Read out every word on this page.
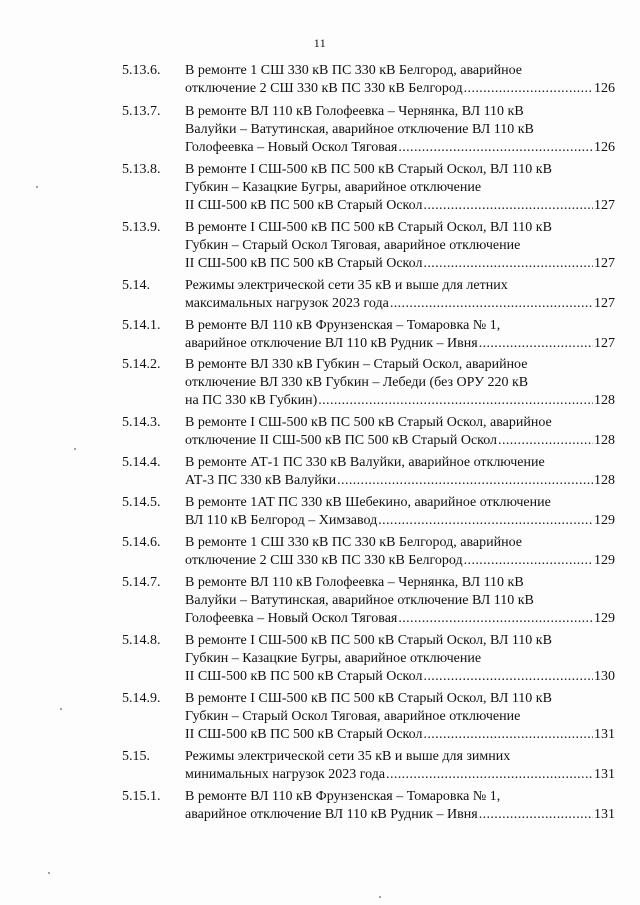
11
5.13.6. В ремонте 1 СШ 330 кВ ПС 330 кВ Белгород, аварийное
отключение 2 СШ 330 кВ ПС 330 кВ Белгород .....	126
5.13.7. В ремонте ВЛ 110 кВ Голофеевка – Чернянка, ВЛ 110 кВ
Валуйки – Ватутинская, аварийное отключение ВЛ 110 кВ
Голофеевка – Новый Оскол Тяговая .....	126
5.13.8. В ремонте I СШ-500 кВ ПС 500 кВ Старый Оскол, ВЛ 110 кВ
Губкин – Казацкие Бугры, аварийное отключение
II СШ-500 кВ ПС 500 кВ Старый Оскол .....	127
5.13.9. В ремонте I СШ-500 кВ ПС 500 кВ Старый Оскол, ВЛ 110 кВ
Губкин – Старый Оскол Тяговая, аварийное отключение
II СШ-500 кВ ПС 500 кВ Старый Оскол .....	127
5.14.	Режимы электрической сети 35 кВ и выше для летних
максимальных нагрузок 2023 года .....	127
5.14.1. В ремонте ВЛ 110 кВ Фрунзенская – Томаровка № 1,
аварийное отключение ВЛ 110 кВ Рудник – Ивня .....	127
5.14.2. В ремонте ВЛ 330 кВ Губкин – Старый Оскол, аварийное
отключение ВЛ 330 кВ Губкин – Лебеди (без ОРУ 220 кВ
на ПС 330 кВ Губкин) .....	128
5.14.3. В ремонте I СШ-500 кВ ПС 500 кВ Старый Оскол, аварийное
отключение II СШ-500 кВ ПС 500 кВ Старый Оскол .....	128
5.14.4. В ремонте АТ-1 ПС 330 кВ Валуйки, аварийное отключение
АТ-3 ПС 330 кВ Валуйки .....	128
5.14.5. В ремонте 1АТ ПС 330 кВ Шебекино, аварийное отключение
ВЛ 110 кВ Белгород – Химзавод .....	129
5.14.6. В ремонте 1 СШ 330 кВ ПС 330 кВ Белгород, аварийное
отключение 2 СШ 330 кВ ПС 330 кВ Белгород .....	129
5.14.7. В ремонте ВЛ 110 кВ Голофеевка – Чернянка, ВЛ 110 кВ
Валуйки – Ватутинская, аварийное отключение ВЛ 110 кВ
Голофеевка – Новый Оскол Тяговая .....	129
5.14.8. В ремонте I СШ-500 кВ ПС 500 кВ Старый Оскол, ВЛ 110 кВ
Губкин – Казацкие Бугры, аварийное отключение
II СШ-500 кВ ПС 500 кВ Старый Оскол .....	130
5.14.9. В ремонте I СШ-500 кВ ПС 500 кВ Старый Оскол, ВЛ 110 кВ
Губкин – Старый Оскол Тяговая, аварийное отключение
II СШ-500 кВ ПС 500 кВ Старый Оскол .....	131
5.15.	Режимы электрической сети 35 кВ и выше для зимних
минимальных нагрузок 2023 года .....	131
5.15.1. В ремонте ВЛ 110 кВ Фрунзенская – Томаровка № 1,
аварийное отключение ВЛ 110 кВ Рудник – Ивня .....	131
